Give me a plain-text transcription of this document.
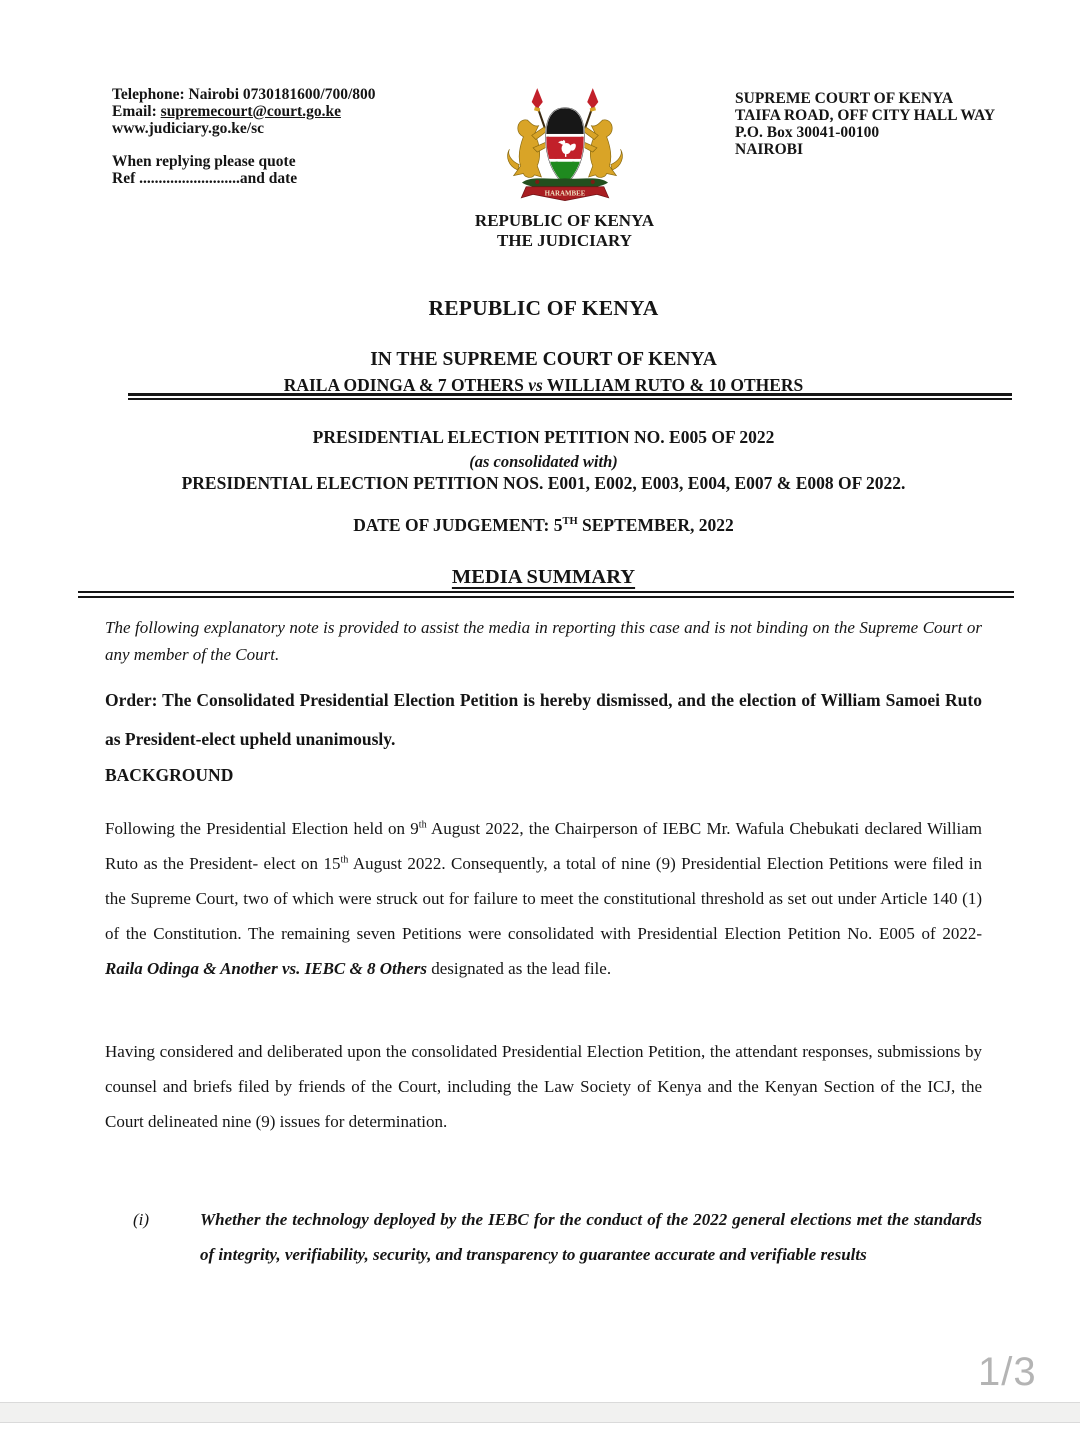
Telephone: Nairobi 0730181600/700/800
Email: supremecourt@court.go.ke
www.judiciary.go.ke/sc
When replying please quote
Ref ..........................and date
HARAMBEE
REPUBLIC OF KENYA
THE JUDICIARY
SUPREME COURT OF KENYA
TAIFA ROAD, OFF CITY HALL WAY
P.O. Box 30041-00100
NAIROBI
REPUBLIC OF KENYA
IN THE SUPREME COURT OF KENYA
RAILA ODINGA & 7 OTHERS vs WILLIAM RUTO & 10 OTHERS
PRESIDENTIAL ELECTION PETITION NO. E005 OF 2022
(as consolidated with)
PRESIDENTIAL ELECTION PETITION NOS. E001, E002, E003, E004, E007 & E008 OF 2022.
DATE OF JUDGEMENT: 5TH SEPTEMBER, 2022
MEDIA SUMMARY
The following explanatory note is provided to assist the media in reporting this case and is not binding on the Supreme Court or any member of the Court.
Order: The Consolidated Presidential Election Petition is hereby dismissed, and the election of William Samoei Ruto as President-elect upheld unanimously.
BACKGROUND
Following the Presidential Election held on 9th August 2022, the Chairperson of IEBC Mr. Wafula Chebukati declared William Ruto as the President- elect on 15th August 2022. Consequently, a total of nine (9) Presidential Election Petitions were filed in the Supreme Court, two of which were struck out for failure to meet the constitutional threshold as set out under Article 140 (1) of the Constitution. The remaining seven Petitions were consolidated with Presidential Election Petition No. E005 of 2022- Raila Odinga & Another vs. IEBC & 8 Others designated as the lead file.
Having considered and deliberated upon the consolidated Presidential Election Petition, the attendant responses, submissions by counsel and briefs filed by friends of the Court, including the Law Society of Kenya and the Kenyan Section of the ICJ, the Court delineated nine (9) issues for determination.
(i)	Whether the technology deployed by the IEBC for the conduct of the 2022 general elections met the standards of integrity, verifiability, security, and transparency to guarantee accurate and verifiable results
1/3
